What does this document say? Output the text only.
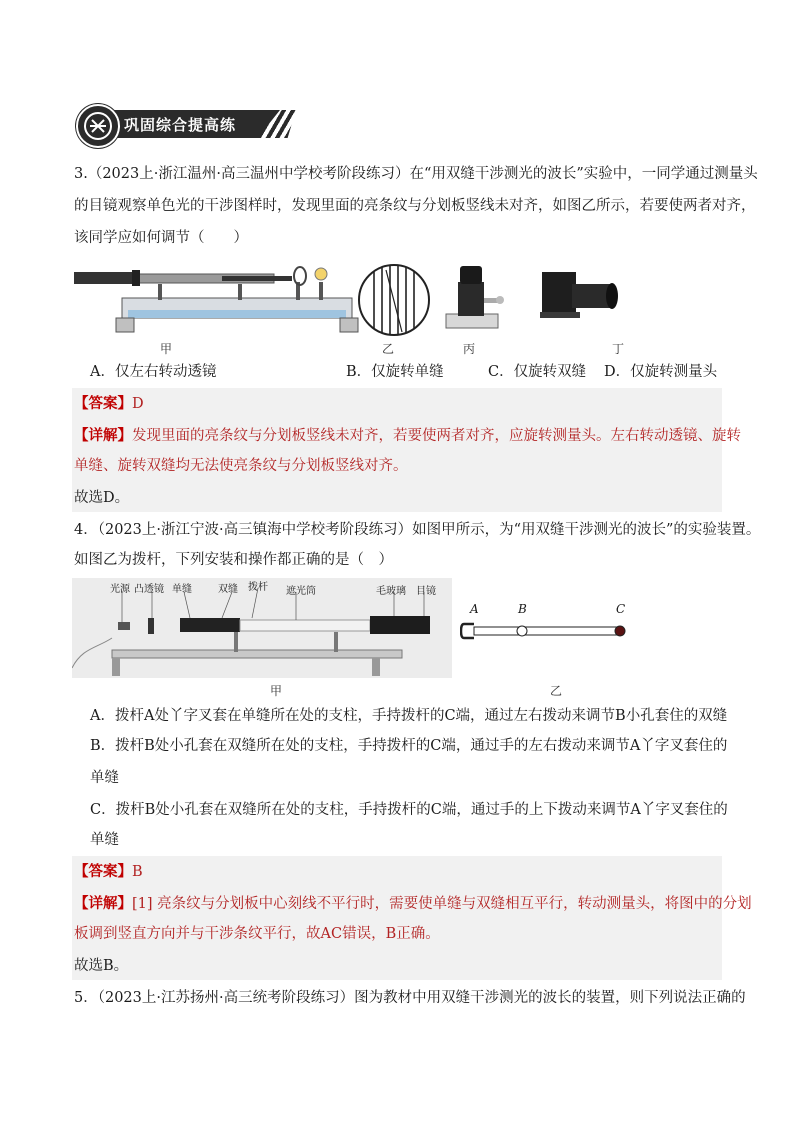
巩固综合提高练
3.（2023上·浙江温州·高三温州中学校考阶段练习）在“用双缝干涉测光的波长”实验中，一同学通过测量头
的目镜观察单色光的干涉图样时，发现里面的亮条纹与分划板竖线未对齐，如图乙所示，若要使两者对齐，
该同学应如何调节（　　）
甲	乙	丙	丁
A．仅左右转动透镜	B．仅旋转单缝	C．仅旋转双缝 D．仅旋转测量头
【答案】D
【详解】发现里面的亮条纹与分划板竖线未对齐，若要使两者对齐，应旋转测量头。左右转动透镜、旋转
单缝、旋转双缝均无法使亮条纹与分划板竖线对齐。
故选D。
4．（2023上·浙江宁波·高三镇海中学校考阶段练习）如图甲所示，为“用双缝干涉测光的波长”的实验装置。
如图乙为拨杆，下列安装和操作都正确的是（　）
光源 凸透镜 单缝	双缝 拨杆 遮光筒	毛玻璃 目镜
A	B	C
甲	乙
A．拨杆A处丫字叉套在单缝所在处的支柱，手持拨杆的C端，通过左右拨动来调节B小孔套住的双缝
B．拨杆B处小孔套在双缝所在处的支柱，手持拨杆的C端，通过手的左右拨动来调节A丫字叉套住的
单缝
C．拨杆B处小孔套在双缝所在处的支柱，手持拨杆的C端，通过手的上下拨动来调节A丫字叉套住的
单缝
【答案】B
【详解】[1] 亮条纹与分划板中心刻线不平行时，需要使单缝与双缝相互平行，转动测量头，将图中的分划
板调到竖直方向并与干涉条纹平行，故AC错误，B正确。
故选B。
5．（2023上·江苏扬州·高三统考阶段练习）图为教材中用双缝干涉测光的波长的装置，则下列说法正确的
